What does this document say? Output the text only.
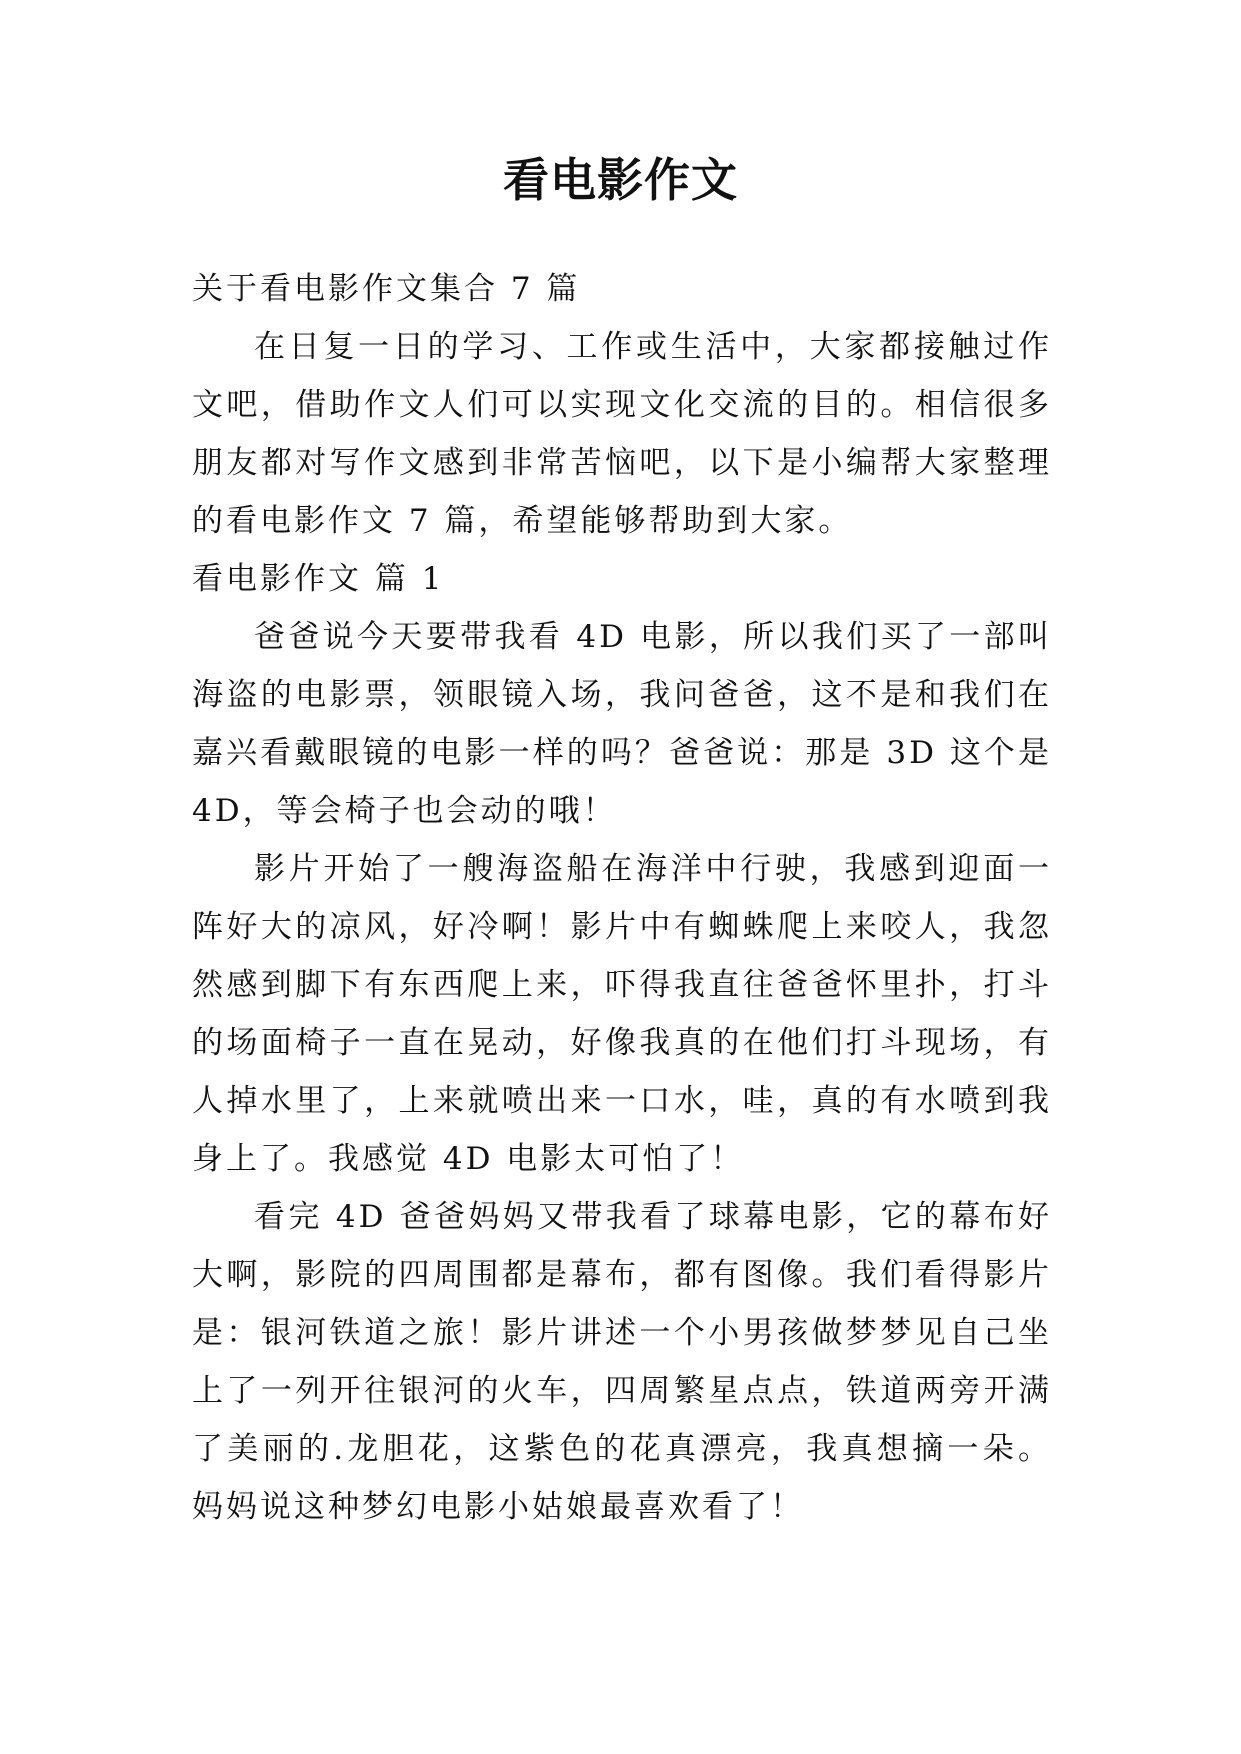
看电影作文

关于看电影作文集合 7 篇

在日复一日的学习、工作或生活中，大家都接触过作文吧，借助作文人们可以实现文化交流的目的。相信很多朋友都对写作文感到非常苦恼吧，以下是小编帮大家整理的看电影作文 7 篇，希望能够帮助到大家。

看电影作文 篇 1

爸爸说今天要带我看 4D 电影，所以我们买了一部叫海盗的电影票，领眼镜入场，我问爸爸，这不是和我们在嘉兴看戴眼镜的电影一样的吗？爸爸说：那是 3D 这个是 4D，等会椅子也会动的哦！

影片开始了一艘海盗船在海洋中行驶，我感到迎面一阵好大的凉风，好冷啊！影片中有蜘蛛爬上来咬人，我忽然感到脚下有东西爬上来，吓得我直往爸爸怀里扑，打斗的场面椅子一直在晃动，好像我真的在他们打斗现场，有人掉水里了，上来就喷出来一口水，哇，真的有水喷到我身上了。我感觉 4D 电影太可怕了！

看完 4D 爸爸妈妈又带我看了球幕电影，它的幕布好大啊，影院的四周围都是幕布，都有图像。我们看得影片是：银河铁道之旅！影片讲述一个小男孩做梦梦见自己坐上了一列开往银河的火车，四周繁星点点，铁道两旁开满了美丽的.龙胆花，这紫色的花真漂亮，我真想摘一朵。妈妈说这种梦幻电影小姑娘最喜欢看了！
